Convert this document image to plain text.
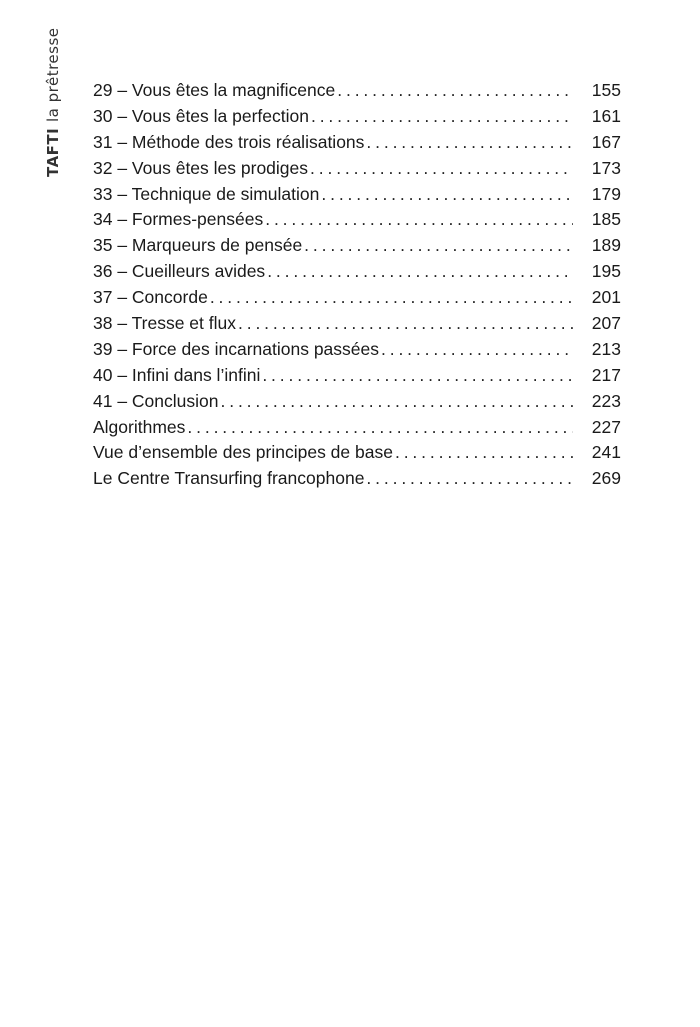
TAFTI
la prêtresse 29 – Vous êtes la magnificence . . .	155
30 – Vous êtes la perfection . . .	161
31 – Méthode des trois réalisations . . .	167
32 – Vous êtes les prodiges . . .	173
33 – Technique de simulation . . .	179
34 – Formes-pensées . . .	185
35 – Marqueurs de pensée . . .	189
36 – Cueilleurs avides . . .	195
37 – Concorde . . .	201
38 – Tresse et flux . . .	207
39 – Force des incarnations passées . . .	213
40 – Infini dans l’infini . . .	217
41 – Conclusion . . .	223
Algorithmes . . .	227
Vue d’ensemble des principes de base . . .	241
Le Centre Transurfing francophone . . .	269
